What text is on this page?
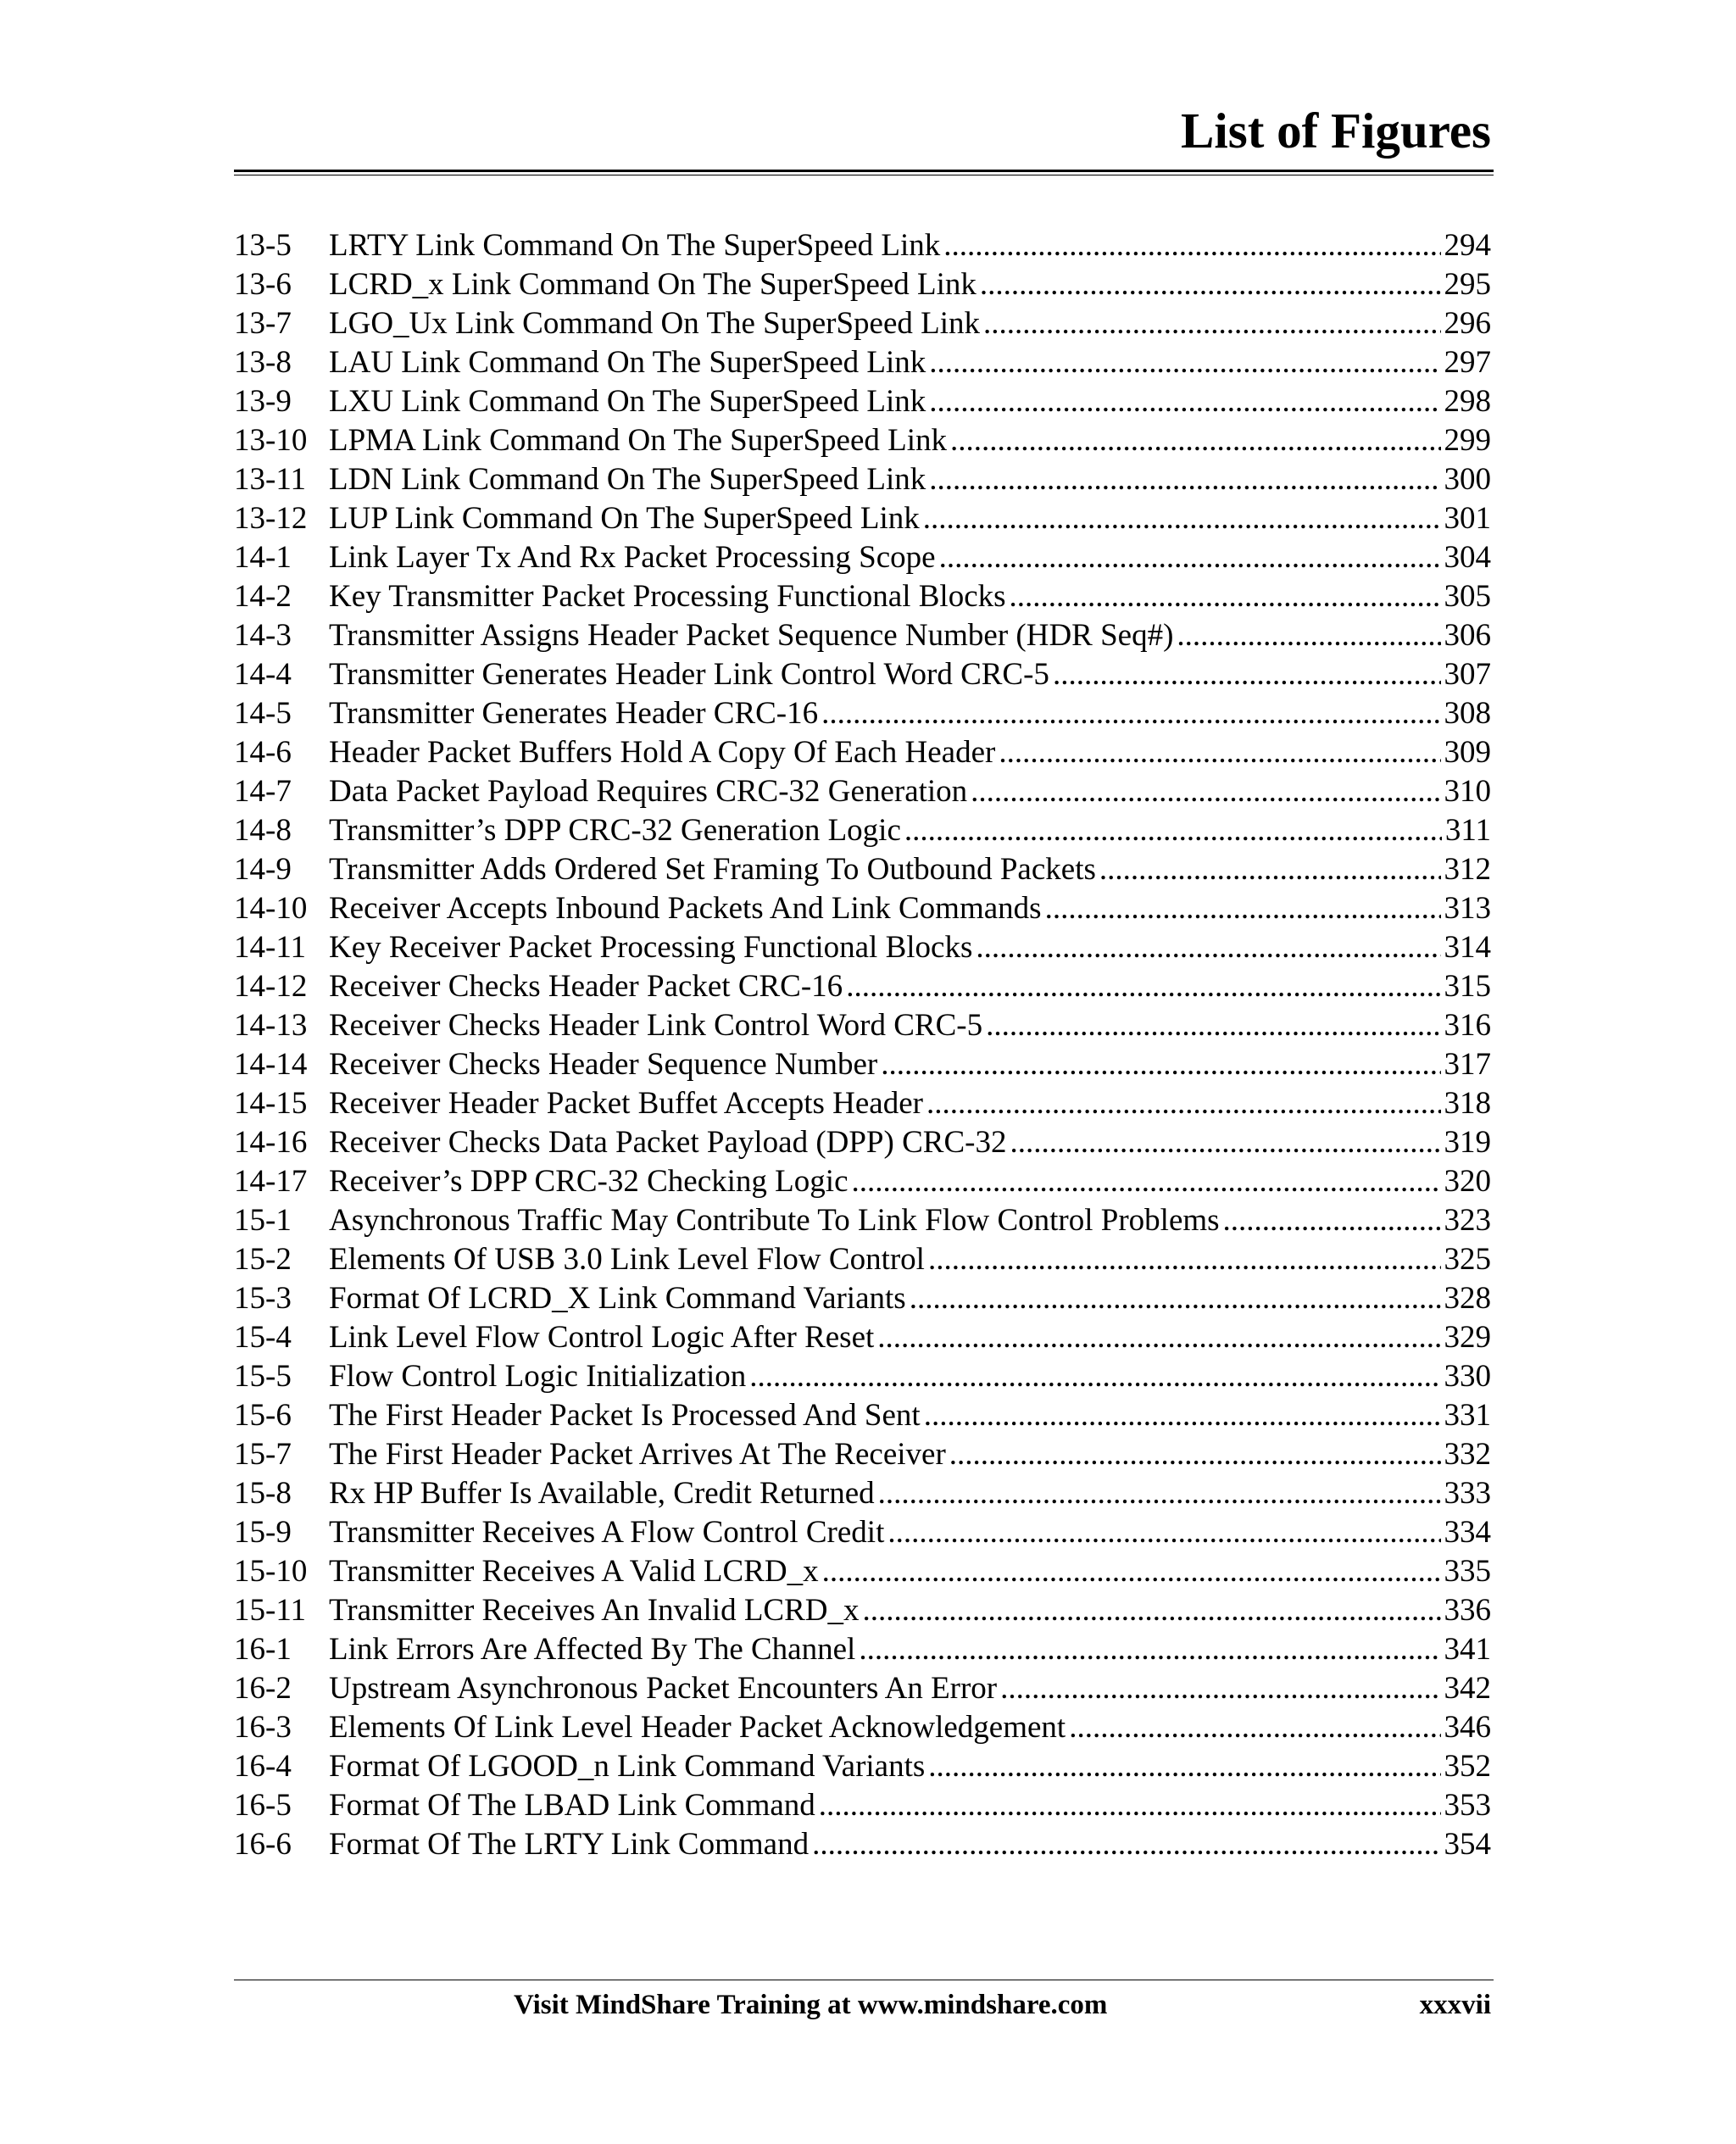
List of Figures
13-5	LRTY Link Command On The SuperSpeed Link .....	294
13-6	LCRD_x Link Command On The SuperSpeed Link .....	295
13-7	LGO_Ux Link Command On The SuperSpeed Link .....	296
13-8	LAU Link Command On The SuperSpeed Link .....	297
13-9	LXU Link Command On The SuperSpeed Link .....	298
13-10 LPMA Link Command On The SuperSpeed Link .....	299
13-11 LDN Link Command On The SuperSpeed Link .....	300
13-12 LUP Link Command On The SuperSpeed Link .....	301
14-1	Link Layer Tx And Rx Packet Processing Scope .....	304
14-2	Key Transmitter Packet Processing Functional Blocks .....	305
14-3	Transmitter Assigns Header Packet Sequence Number (HDR Seq#) .....	306
14-4	Transmitter Generates Header Link Control Word CRC-5 .....	307
14-5	Transmitter Generates Header CRC-16 .....	308
14-6	Header Packet Buffers Hold A Copy Of Each Header .....	309
14-7	Data Packet Payload Requires CRC-32 Generation .....	310
14-8	Transmitter’s DPP CRC-32 Generation Logic .....	311
14-9	Transmitter Adds Ordered Set Framing To Outbound Packets .....	312
14-10 Receiver Accepts Inbound Packets And Link Commands .....	313
14-11 Key Receiver Packet Processing Functional Blocks .....	314
14-12 Receiver Checks Header Packet CRC-16 .....	315
14-13 Receiver Checks Header Link Control Word CRC-5 .....	316
14-14 Receiver Checks Header Sequence Number .....	317
14-15 Receiver Header Packet Buffet Accepts Header .....	318
14-16 Receiver Checks Data Packet Payload (DPP) CRC-32 .....	319
14-17 Receiver’s DPP CRC-32 Checking Logic .....	320
15-1	Asynchronous Traffic May Contribute To Link Flow Control Problems .....	323
15-2	Elements Of USB 3.0 Link Level Flow Control .....	325
15-3	Format Of LCRD_X Link Command Variants .....	328
15-4	Link Level Flow Control Logic After Reset .....	329
15-5	Flow Control Logic Initialization .....	330
15-6	The First Header Packet Is Processed And Sent .....	331
15-7	The First Header Packet Arrives At The Receiver .....	332
15-8	Rx HP Buffer Is Available, Credit Returned .....	333
15-9	Transmitter Receives A Flow Control Credit .....	334
15-10 Transmitter Receives A Valid LCRD_x .....	335
15-11 Transmitter Receives An Invalid LCRD_x .....	336
16-1	Link Errors Are Affected By The Channel .....	341
16-2	Upstream Asynchronous Packet Encounters An Error .....	342
16-3	Elements Of Link Level Header Packet Acknowledgement .....	346
16-4	Format Of LGOOD_n Link Command Variants .....	352
16-5	Format Of The LBAD Link Command .....	353
16-6	Format Of The LRTY Link Command .....	354
Visit MindShare Training at www.mindshare.com	xxxvii
